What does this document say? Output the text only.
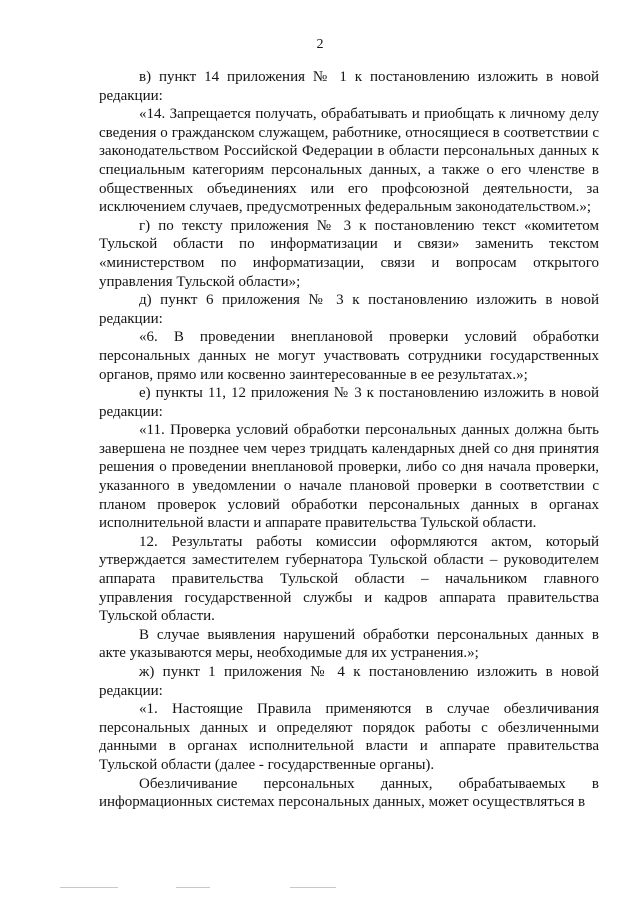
2

в) пункт 14 приложения № 1 к постановлению изложить в новой редакции:

«14. Запрещается получать, обрабатывать и приобщать к личному делу сведения о гражданском служащем, работнике, относящиеся в соответствии с законодательством Российской Федерации в области персональных данных к специальным категориям персональных данных, а также о его членстве в общественных объединениях или его профсоюзной деятельности, за исключением случаев, предусмотренных федеральным законодательством.»;

г) по тексту приложения № 3 к постановлению текст «комитетом Тульской области по информатизации и связи» заменить текстом «министерством по информатизации, связи и вопросам открытого управления Тульской области»;

д) пункт 6 приложения № 3 к постановлению изложить в новой редакции:

«6. В проведении внеплановой проверки условий обработки персональных данных не могут участвовать сотрудники государственных органов, прямо или косвенно заинтересованные в ее результатах.»;

е) пункты 11, 12 приложения № 3 к постановлению изложить в новой редакции:

«11. Проверка условий обработки персональных данных должна быть завершена не позднее чем через тридцать календарных дней со дня принятия решения о проведении внеплановой проверки, либо со дня начала проверки, указанного в уведомлении о начале плановой проверки в соответствии с планом проверок условий обработки персональных данных в органах исполнительной власти и аппарате правительства Тульской области.

12. Результаты работы комиссии оформляются актом, который утверждается заместителем губернатора Тульской области – руководителем аппарата правительства Тульской области – начальником главного управления государственной службы и кадров аппарата правительства Тульской области.

В случае выявления нарушений обработки персональных данных в акте указываются меры, необходимые для их устранения.»;

ж) пункт 1 приложения № 4 к постановлению изложить в новой редакции:

«1. Настоящие Правила применяются в случае обезличивания персональных данных и определяют порядок работы с обезличенными данными в органах исполнительной власти и аппарате правительства Тульской области (далее - государственные органы).

Обезличивание персональных данных, обрабатываемых в информационных системах персональных данных, может осуществляться в
